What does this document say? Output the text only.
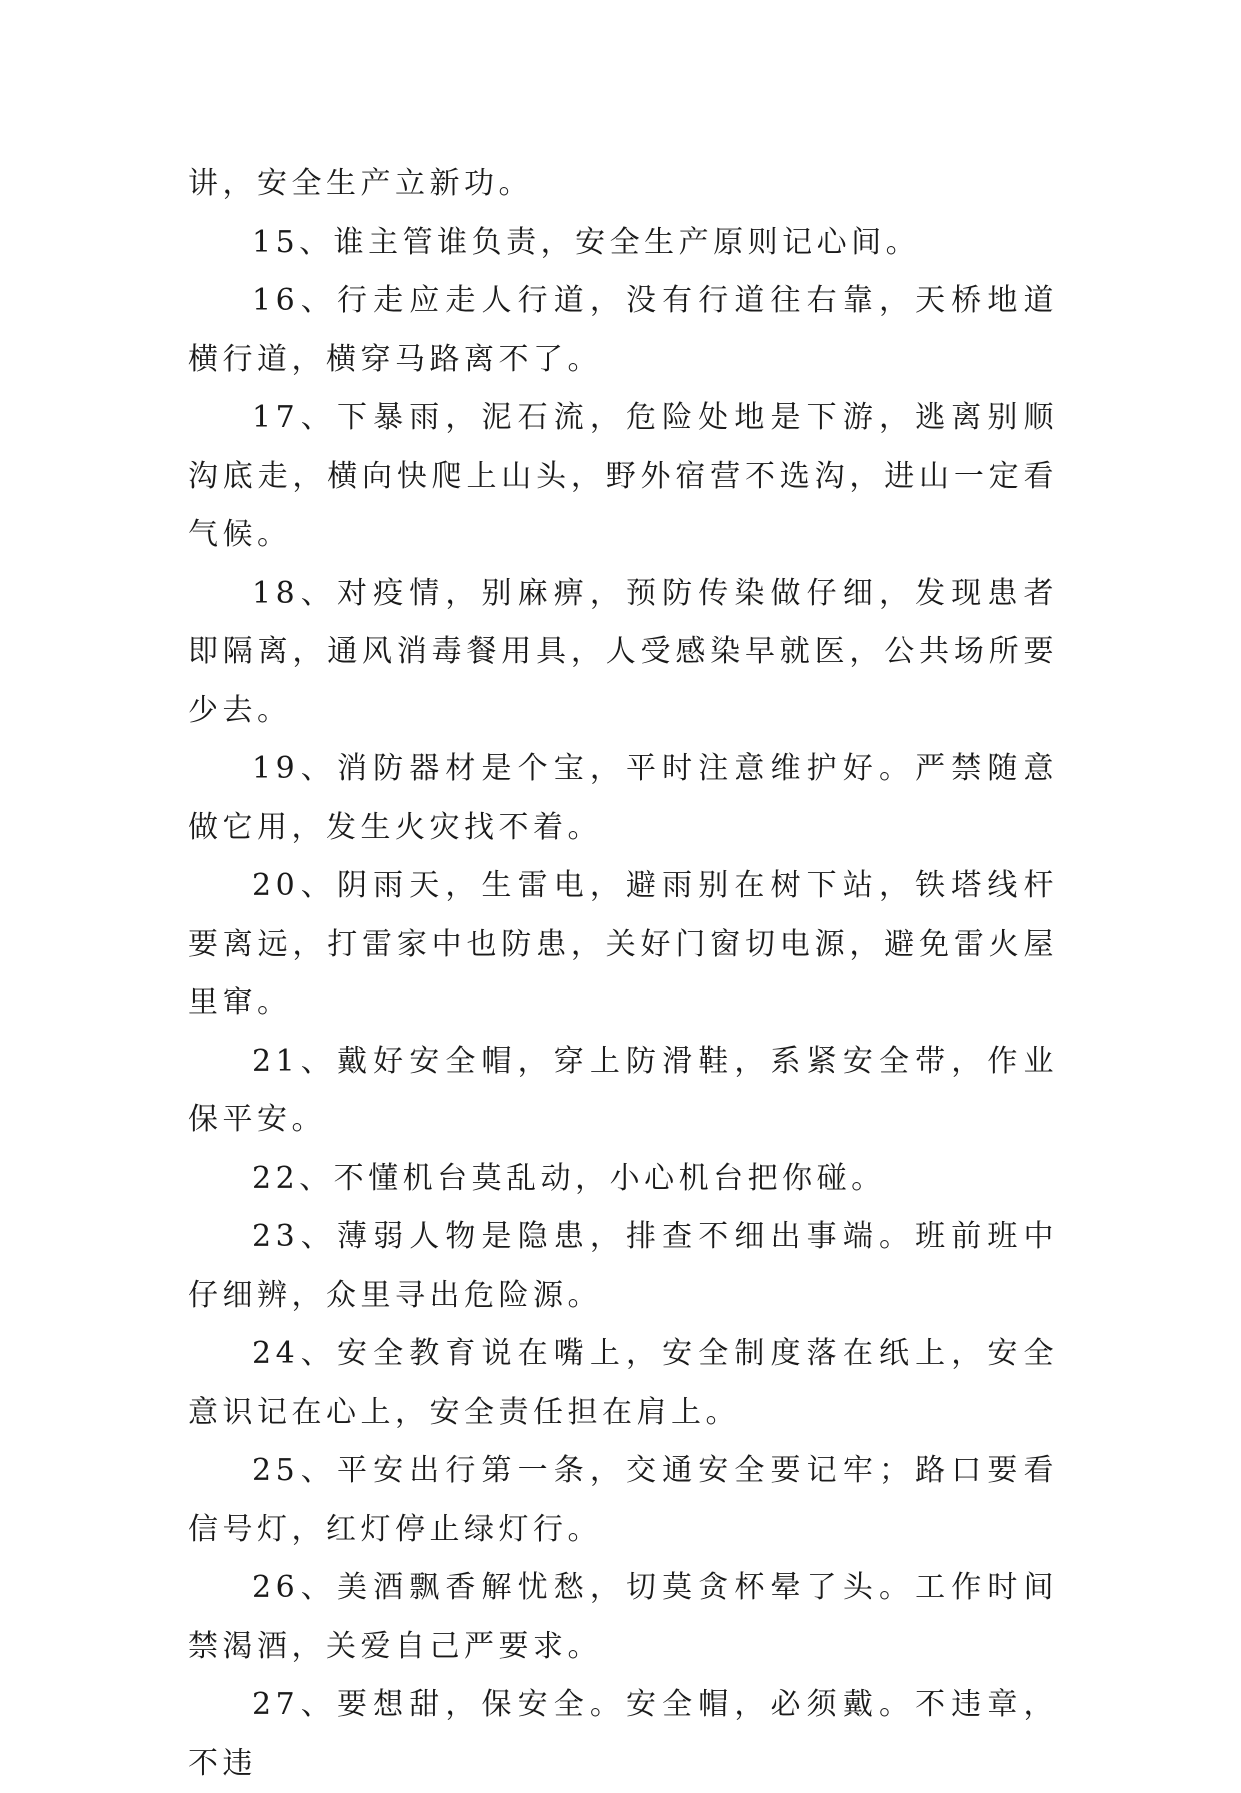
讲，安全生产立新功。

15、谁主管谁负责，安全生产原则记心间。

16、行走应走人行道，没有行道往右靠，天桥地道横行道，横穿马路离不了。

17、下暴雨，泥石流，危险处地是下游，逃离别顺沟底走，横向快爬上山头，野外宿营不选沟，进山一定看气候。

18、对疫情，别麻痹，预防传染做仔细，发现患者即隔离，通风消毒餐用具，人受感染早就医，公共场所要少去。

19、消防器材是个宝，平时注意维护好。严禁随意做它用，发生火灾找不着。

20、阴雨天，生雷电，避雨别在树下站，铁塔线杆要离远，打雷家中也防患，关好门窗切电源，避免雷火屋里窜。

21、戴好安全帽，穿上防滑鞋，系紧安全带，作业保平安。

22、不懂机台莫乱动，小心机台把你碰。

23、薄弱人物是隐患，排查不细出事端。班前班中仔细辨，众里寻出危险源。

24、安全教育说在嘴上，安全制度落在纸上，安全意识记在心上，安全责任担在肩上。

25、平安出行第一条，交通安全要记牢；路口要看信号灯，红灯停止绿灯行。

26、美酒飘香解忧愁，切莫贪杯晕了头。工作时间禁渴酒，关爱自己严要求。

27、要想甜，保安全。安全帽，必须戴。不违章，不违
